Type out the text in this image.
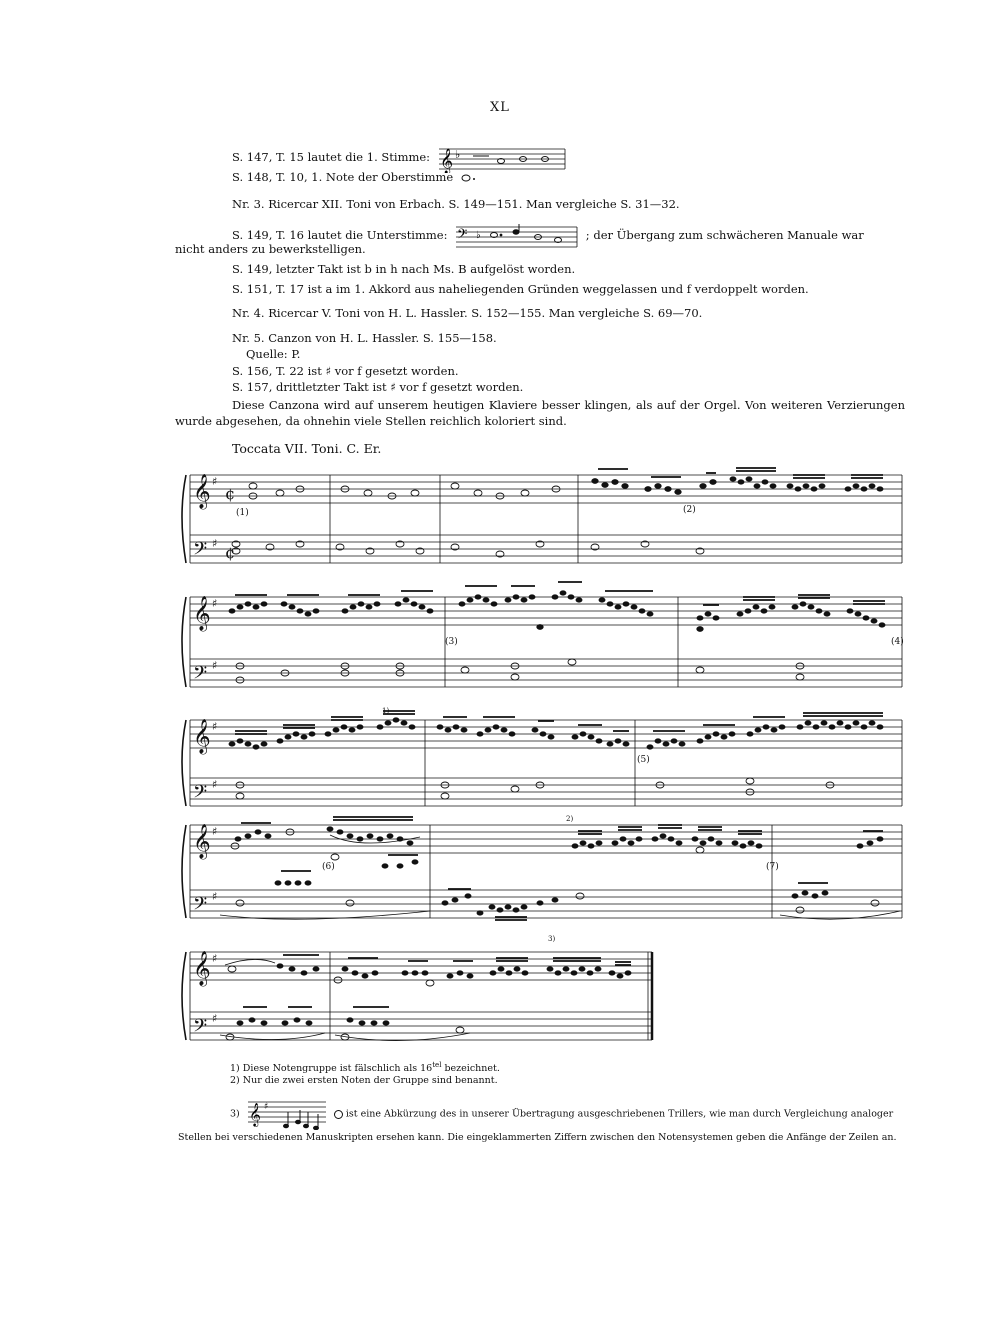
XL
S. 147, T. 15 lautet die 1. Stimme: 𝄞 ♭
S. 148, T. 10, 1. Note der Oberstimme
Nr. 3. Ricercar XII. Toni von Erbach. S. 149—151. Man vergleiche S. 31—32.
S. 149, T. 16 lautet die Unterstimme: 𝄢 ♭	; der Übergang zum schwächeren Manuale war
nicht anders zu bewerkstelligen.
S. 149, letzter Takt ist b in h nach Ms. B aufgelöst worden.
S. 151, T. 17 ist a im 1. Akkord aus naheliegenden Gründen weggelassen und f verdoppelt worden.
Nr. 4. Ricercar V. Toni von H. L. Hassler. S. 152—155. Man vergleiche S. 69—70.
Nr. 5. Canzon von H. L. Hassler. S. 155—158.
Quelle: P.
S. 156, T. 22 ist ♯ vor f gesetzt worden.
S. 157, drittletzter Takt ist ♯ vor f gesetzt worden.
Diese Canzona wird auf unserem heutigen Klaviere besser klingen, als auf der Orgel. Von weiteren Verzierungen wurde abgesehen, da ohnehin viele Stellen reichlich koloriert sind.
Toccata VII. Toni. C. Er.
𝄞
𝄢
𝄞
𝄢
𝄞
𝄢
𝄞
𝄢
𝄞
𝄢
♯
♯
♯
♯
♯
♯
♯
♯
♯
♯
¢
¢
(1)	(2)
(3)	(4)
(5)
(6)	(7)
1)
2)
3)
1) Diese Notengruppe ist fälschlich als 16$^{tel}$ bezeichnet.
2) Nur die zwei ersten Noten der Gruppe sind benannt.
3) 𝄞 ♯
ist eine Abkürzung des in unserer Übertragung ausgeschriebenen Trillers, wie man durch Vergleichung analoger
Stellen bei verschiedenen Manuskripten ersehen kann. Die eingeklammerten Ziffern zwischen den Notensystemen geben die Anfänge der Zeilen an.
